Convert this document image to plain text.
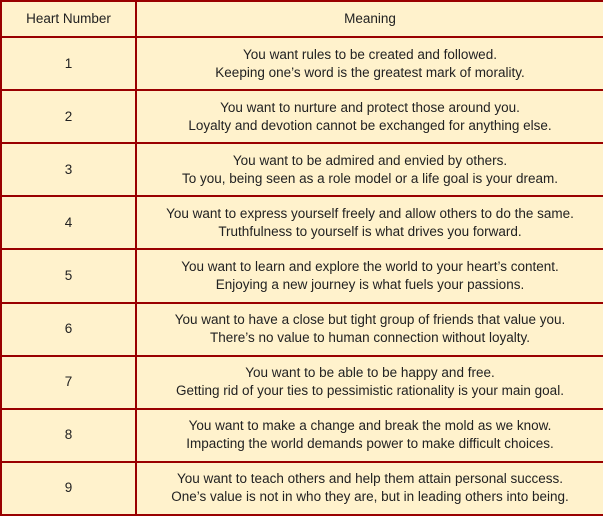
Heart Number	Meaning
1	You want rules to be created and followed.
Keeping one’s word is the greatest mark of morality.

2	You want to nurture and protect those around you.
Loyalty and devotion cannot be exchanged for anything else.

3	You want to be admired and envied by others.
To you, being seen as a role model or a life goal is your dream.

4	You want to express yourself freely and allow others to do the same.
Truthfulness to yourself is what drives you forward.

5	You want to learn and explore the world to your heart’s content.
Enjoying a new journey is what fuels your passions.

6	You want to have a close but tight group of friends that value you.
There’s no value to human connection without loyalty.

7	You want to be able to be happy and free.
Getting rid of your ties to pessimistic rationality is your main goal.

8	You want to make a change and break the mold as we know.
Impacting the world demands power to make difficult choices.

9	You want to teach others and help them attain personal success.
One’s value is not in who they are, but in leading others into being.
